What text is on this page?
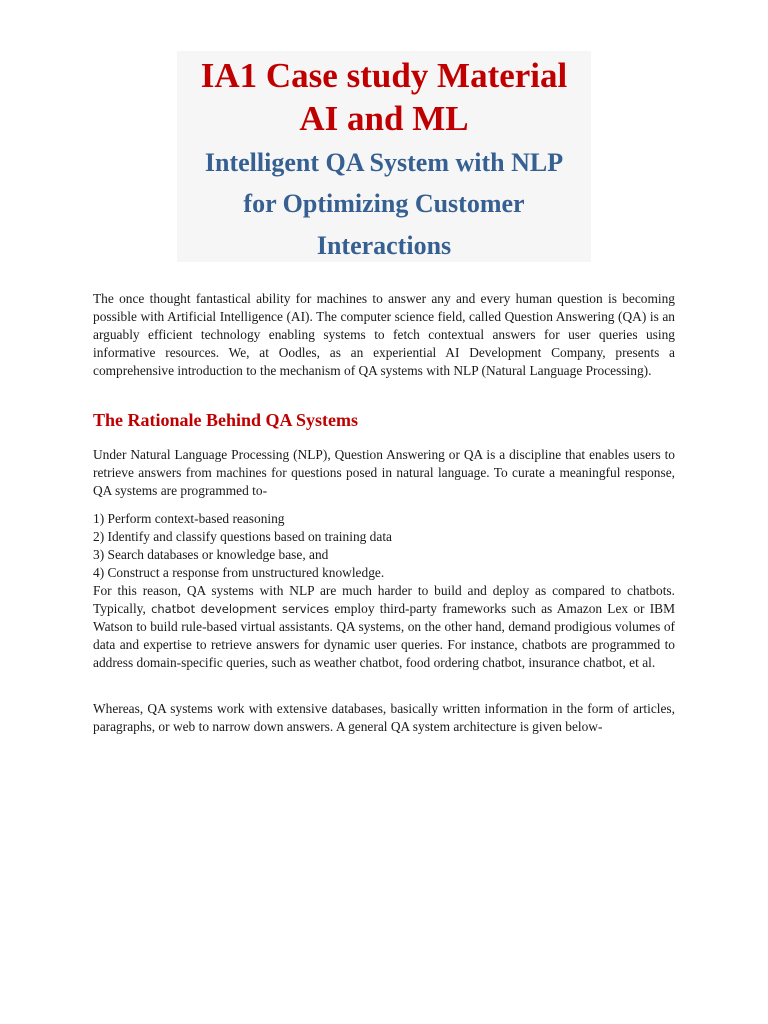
IA1 Case study Material
AI and ML
Intelligent QA System with NLP
for Optimizing Customer
Interactions

The once thought fantastical ability for machines to answer any and every human question is becoming possible with Artificial Intelligence (AI). The computer science field, called Question Answering (QA) is an arguably efficient technology enabling systems to fetch contextual answers for user queries using informative resources. We, at Oodles, as an experiential AI Development Company, presents a comprehensive introduction to the mechanism of QA systems with NLP (Natural Language Processing).

The Rationale Behind QA Systems

Under Natural Language Processing (NLP), Question Answering or QA is a discipline that enables users to retrieve answers from machines for questions posed in natural language. To curate a meaningful response, QA systems are programmed to-

1) Perform context-based reasoning
2) Identify and classify questions based on training data
3) Search databases or knowledge base, and
4) Construct a response from unstructured knowledge.

For this reason, QA systems with NLP are much harder to build and deploy as compared to chatbots. Typically, chatbot development services employ third-party frameworks such as Amazon Lex or IBM Watson to build rule-based virtual assistants. QA systems, on the other hand, demand prodigious volumes of data and expertise to retrieve answers for dynamic user queries. For instance, chatbots are programmed to address domain-specific queries, such as weather chatbot, food ordering chatbot, insurance chatbot, et al.

Whereas, QA systems work with extensive databases, basically written information in the form of articles, paragraphs, or web to narrow down answers. A general QA system architecture is given below-
